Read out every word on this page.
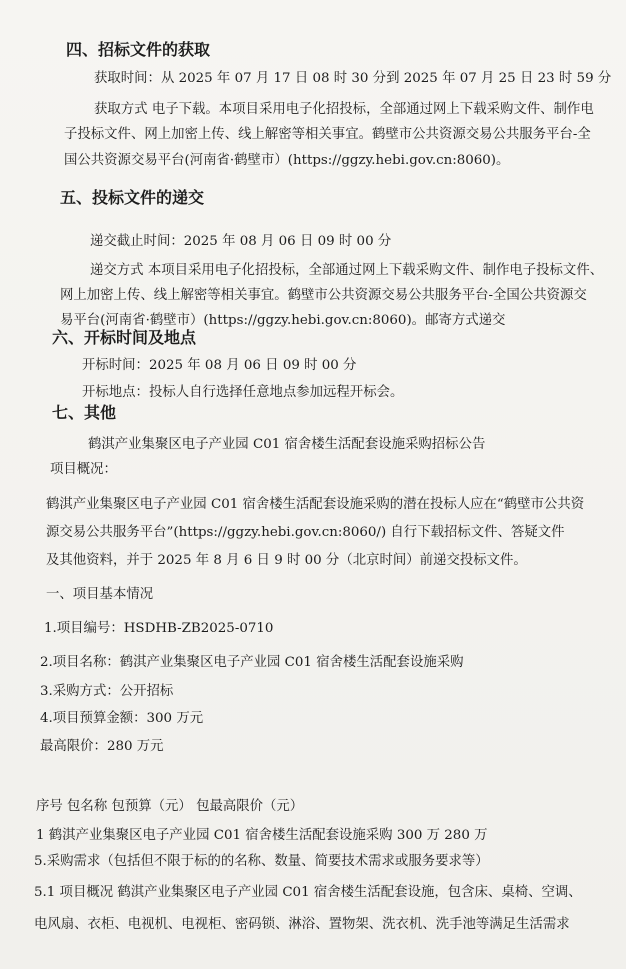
四、招标文件的获取
获取时间：从 2025 年 07 月 17 日 08 时 30 分到 2025 年 07 月 25 日 23 时 59 分
获取方式 电子下载。本项目采用电子化招投标，全部通过网上下载采购文件、制作电
子投标文件、网上加密上传、线上解密等相关事宜。鹤壁市公共资源交易公共服务平台-全
国公共资源交易平台(河南省·鹤壁市）(https://ggzy.hebi.gov.cn:8060)。
五、投标文件的递交
递交截止时间：2025 年 08 月 06 日 09 时 00 分
递交方式 本项目采用电子化招投标，全部通过网上下载采购文件、制作电子投标文件、
网上加密上传、线上解密等相关事宜。鹤壁市公共资源交易公共服务平台-全国公共资源交
易平台(河南省·鹤壁市）(https://ggzy.hebi.gov.cn:8060)。邮寄方式递交
六、开标时间及地点
开标时间：2025 年 08 月 06 日 09 时 00 分
开标地点：投标人自行选择任意地点参加远程开标会。
七、其他
鹤淇产业集聚区电子产业园 C01 宿舍楼生活配套设施采购招标公告
项目概况：
鹤淇产业集聚区电子产业园 C01 宿舍楼生活配套设施采购的潜在投标人应在“鹤壁市公共资
源交易公共服务平台”(https://ggzy.hebi.gov.cn:8060/) 自行下载招标文件、答疑文件
及其他资料，并于 2025 年 8 月 6 日 9 时 00 分（北京时间）前递交投标文件。
一、项目基本情况
1.项目编号：HSDHB-ZB2025-0710
2.项目名称：鹤淇产业集聚区电子产业园 C01 宿舍楼生活配套设施采购
3.采购方式：公开招标
4.项目预算金额：300 万元
最高限价：280 万元
序号 包名称 包预算（元） 包最高限价（元）
1 鹤淇产业集聚区电子产业园 C01 宿舍楼生活配套设施采购 300 万 280 万
5.采购需求（包括但不限于标的的名称、数量、简要技术需求或服务要求等）
5.1 项目概况 鹤淇产业集聚区电子产业园 C01 宿舍楼生活配套设施，包含床、桌椅、空调、
电风扇、衣柜、电视机、电视柜、密码锁、淋浴、置物架、洗衣机、洗手池等满足生活需求
